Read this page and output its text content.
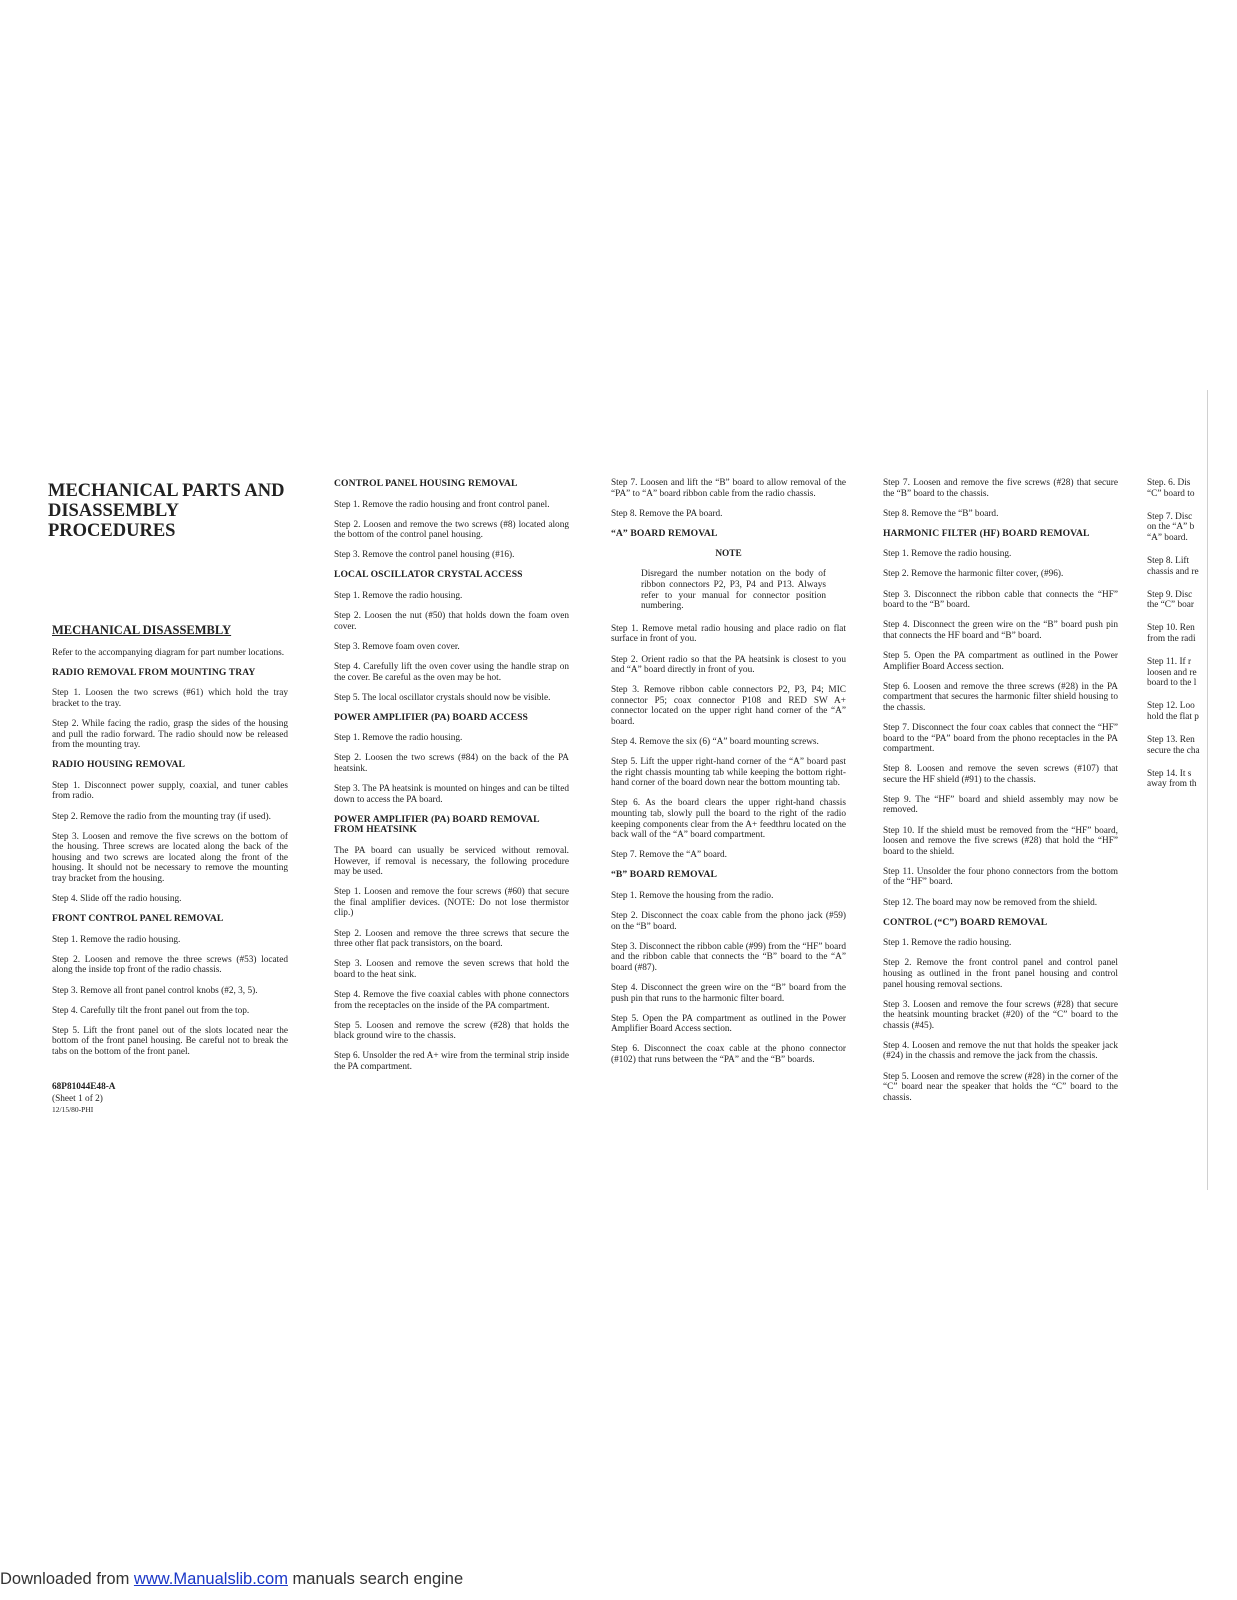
MECHANICAL PARTS AND DISASSEMBLY PROCEDURES
MECHANICAL DISASSEMBLY

Refer to the accompanying diagram for part number locations.

RADIO REMOVAL FROM MOUNTING TRAY

Step 1. Loosen the two screws (#61) which hold the tray bracket to the tray.

Step 2. While facing the radio, grasp the sides of the housing and pull the radio forward. The radio should now be released from the mounting tray.

RADIO HOUSING REMOVAL

Step 1. Disconnect power supply, coaxial, and tuner cables from radio.

Step 2. Remove the radio from the mounting tray (if used).

Step 3. Loosen and remove the five screws on the bottom of the housing. Three screws are located along the back of the housing and two screws are located along the front of the housing. It should not be necessary to remove the mounting tray bracket from the housing.

Step 4. Slide off the radio housing.

FRONT CONTROL PANEL REMOVAL

Step 1. Remove the radio housing.

Step 2. Loosen and remove the three screws (#53) located along the inside top front of the radio chassis.

Step 3. Remove all front panel control knobs (#2, 3, 5).

Step 4. Carefully tilt the front panel out from the top.

Step 5. Lift the front panel out of the slots located near the bottom of the front panel housing. Be careful not to break the tabs on the bottom of the front panel.

68P81044E48-A

(Sheet 1 of 2)

12/15/80-PHI

CONTROL PANEL HOUSING REMOVAL

Step 1. Remove the radio housing and front control panel.

Step 2. Loosen and remove the two screws (#8) located along the bottom of the control panel housing.

Step 3. Remove the control panel housing (#16).

LOCAL OSCILLATOR CRYSTAL ACCESS

Step 1. Remove the radio housing.

Step 2. Loosen the nut (#50) that holds down the foam oven cover.

Step 3. Remove foam oven cover.

Step 4. Carefully lift the oven cover using the handle strap on the cover. Be careful as the oven may be hot.

Step 5. The local oscillator crystals should now be visible.

POWER AMPLIFIER (PA) BOARD ACCESS

Step 1. Remove the radio housing.

Step 2. Loosen the two screws (#84) on the back of the PA heatsink.

Step 3. The PA heatsink is mounted on hinges and can be tilted down to access the PA board.

POWER AMPLIFIER (PA) BOARD REMOVAL FROM HEATSINK

The PA board can usually be serviced without removal. However, if removal is necessary, the following procedure may be used.

Step 1. Loosen and remove the four screws (#60) that secure the final amplifier devices. (NOTE: Do not lose thermistor clip.)

Step 2. Loosen and remove the three screws that secure the three other flat pack transistors, on the board.

Step 3. Loosen and remove the seven screws that hold the board to the heat sink.

Step 4. Remove the five coaxial cables with phone connectors from the receptacles on the inside of the PA compartment.

Step 5. Loosen and remove the screw (#28) that holds the black ground wire to the chassis.

Step 6. Unsolder the red A+ wire from the terminal strip inside the PA compartment.

Step 7. Loosen and lift the “B” board to allow removal of the “PA” to “A” board ribbon cable from the radio chassis.

Step 8. Remove the PA board.

“A” BOARD REMOVAL

NOTE

Disregard the number notation on the body of ribbon connectors P2, P3, P4 and P13. Always refer to your manual for connector position numbering.

Step 1. Remove metal radio housing and place radio on flat surface in front of you.

Step 2. Orient radio so that the PA heatsink is closest to you and “A” board directly in front of you.

Step 3. Remove ribbon cable connectors P2, P3, P4; MIC connector P5; coax connector P108 and RED SW A+ connector located on the upper right hand corner of the “A” board.

Step 4. Remove the six (6) “A” board mounting screws.

Step 5. Lift the upper right-hand corner of the “A” board past the right chassis mounting tab while keeping the bottom right-hand corner of the board down near the bottom mounting tab.

Step 6. As the board clears the upper right-hand chassis mounting tab, slowly pull the board to the right of the radio keeping components clear from the A+ feedthru located on the back wall of the “A” board compartment.

Step 7. Remove the “A” board.

“B” BOARD REMOVAL

Step 1. Remove the housing from the radio.

Step 2. Disconnect the coax cable from the phono jack (#59) on the “B” board.

Step 3. Disconnect the ribbon cable (#99) from the “HF” board and the ribbon cable that connects the “B” board to the “A” board (#87).

Step 4. Disconnect the green wire on the “B” board from the push pin that runs to the harmonic filter board.

Step 5. Open the PA compartment as outlined in the Power Amplifier Board Access section.

Step 6. Disconnect the coax cable at the phono connector (#102) that runs between the “PA” and the “B” boards.

Step 7. Loosen and remove the five screws (#28) that secure the “B” board to the chassis.

Step 8. Remove the “B” board.

HARMONIC FILTER (HF) BOARD REMOVAL

Step 1. Remove the radio housing.

Step 2. Remove the harmonic filter cover, (#96).

Step 3. Disconnect the ribbon cable that connects the “HF” board to the “B” board.

Step 4. Disconnect the green wire on the “B” board push pin that connects the HF board and “B” board.

Step 5. Open the PA compartment as outlined in the Power Amplifier Board Access section.

Step 6. Loosen and remove the three screws (#28) in the PA compartment that secures the harmonic filter shield housing to the chassis.

Step 7. Disconnect the four coax cables that connect the “HF” board to the “PA” board from the phono receptacles in the PA compartment.

Step 8. Loosen and remove the seven screws (#107) that secure the HF shield (#91) to the chassis.

Step 9. The “HF” board and shield assembly may now be removed.

Step 10. If the shield must be removed from the “HF” board, loosen and remove the five screws (#28) that hold the “HF” board to the shield.

Step 11. Unsolder the four phono connectors from the bottom of the “HF” board.

Step 12. The board may now be removed from the shield.

CONTROL (“C”) BOARD REMOVAL

Step 1. Remove the radio housing.

Step 2. Remove the front control panel and control panel housing as outlined in the front panel housing and control panel housing removal sections.

Step 3. Loosen and remove the four screws (#28) that secure the heatsink mounting bracket (#20) of the “C” board to the chassis (#45).

Step 4. Loosen and remove the nut that holds the speaker jack (#24) in the chassis and remove the jack from the chassis.

Step 5. Loosen and remove the screw (#28) in the corner of the “C” board near the speaker that holds the “C” board to the chassis.

Step. 6. Dis
“C” board to

Step 7. Disc
on the “A” b
“A” board.

Step 8. Lift
chassis and re

Step 9. Disc
the “C” boar

Step 10. Ren
from the radi

Step 11. If r
loosen and re
board to the l

Step 12. Loo
hold the flat p

Step 13. Ren
secure the cha

Step 14. It s
away from th

Downloaded from www.Manualslib.com manuals search engine
